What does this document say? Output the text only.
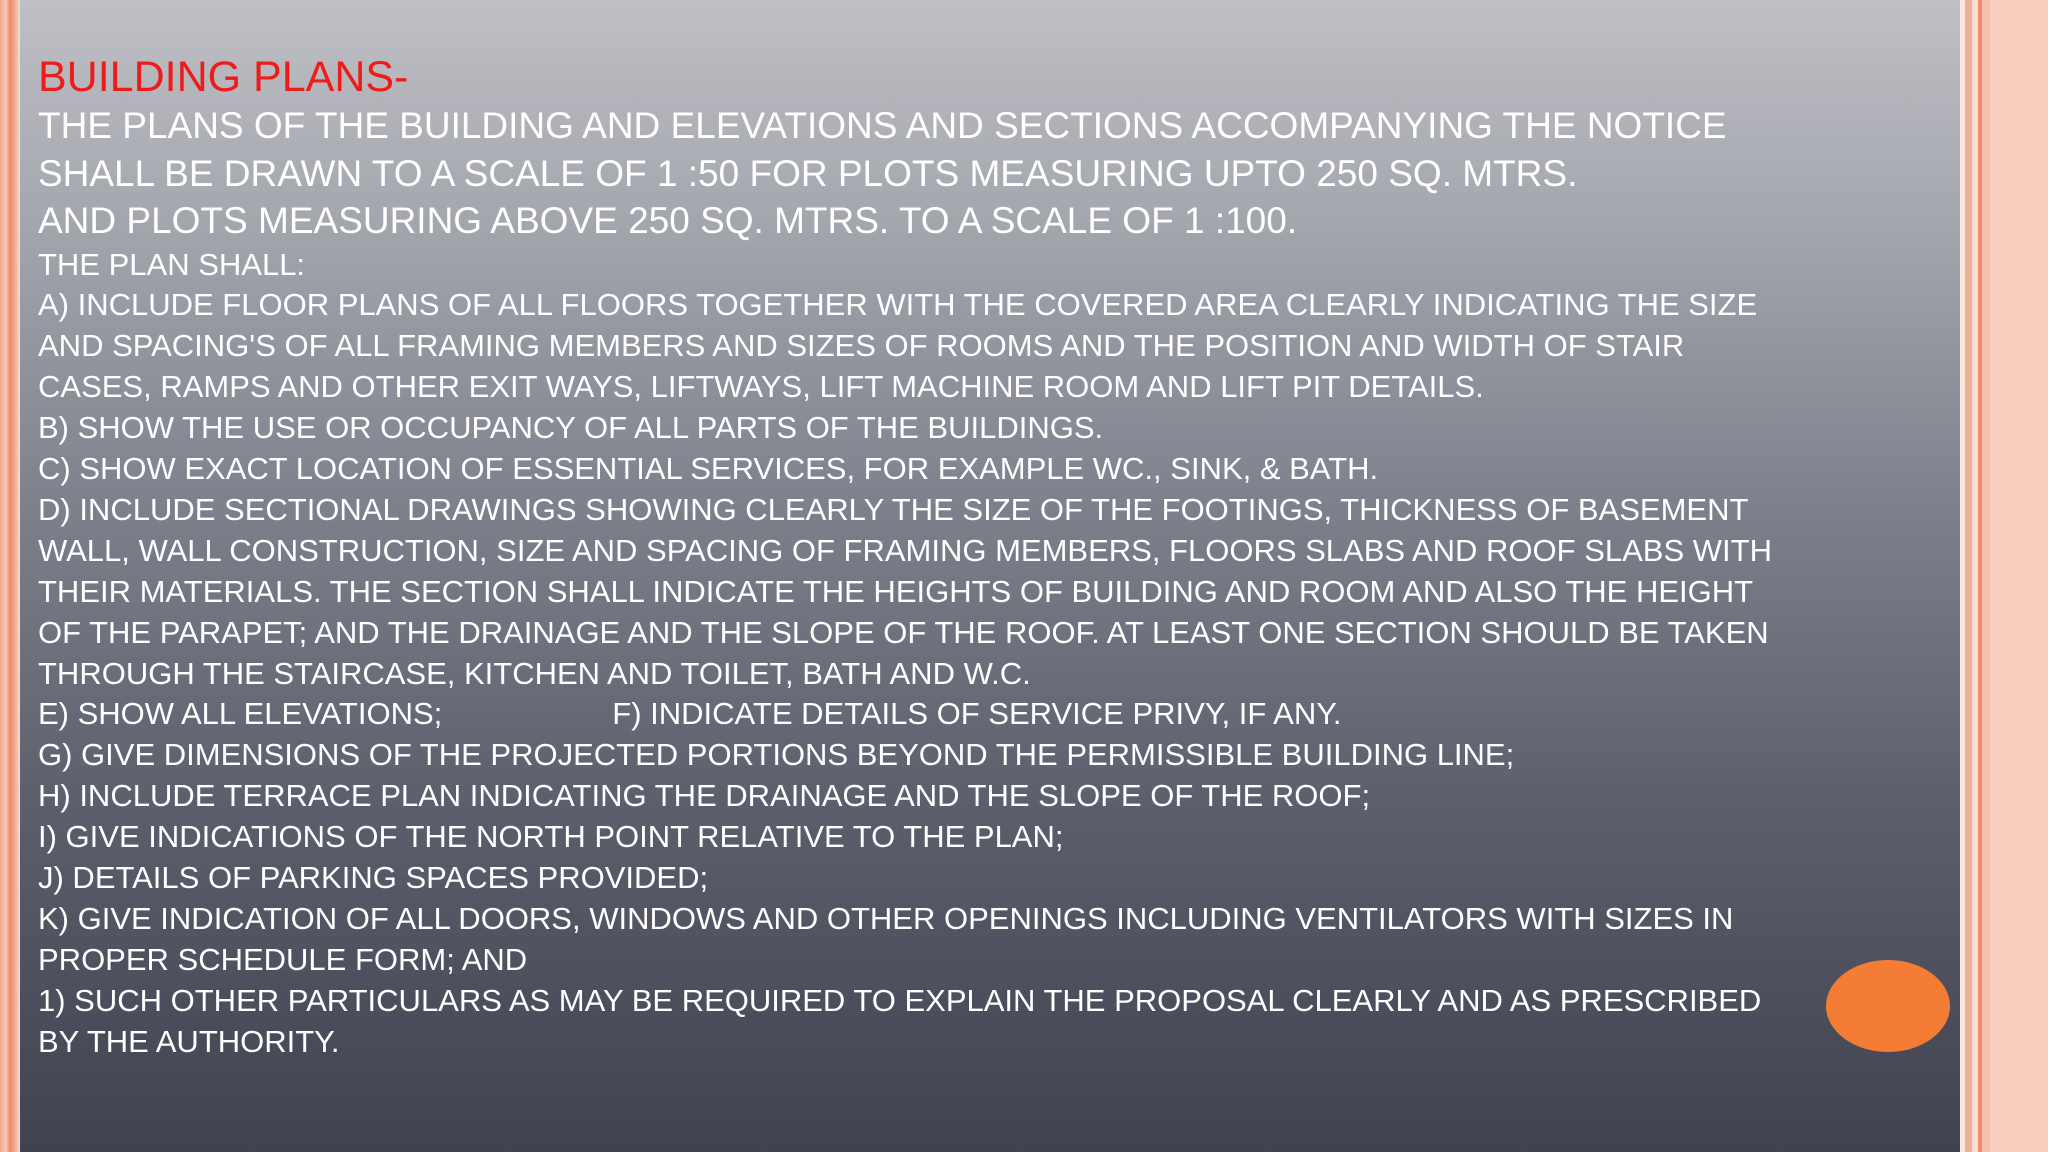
BUILDING PLANS-
THE PLANS OF THE BUILDING AND ELEVATIONS AND SECTIONS ACCOMPANYING THE NOTICE
SHALL BE DRAWN TO A SCALE OF 1 :50 FOR PLOTS MEASURING UPTO 250 SQ. MTRS.
AND PLOTS MEASURING ABOVE 250 SQ. MTRS. TO A SCALE OF 1 :100.
THE PLAN SHALL:
A) INCLUDE FLOOR PLANS OF ALL FLOORS TOGETHER WITH THE COVERED AREA CLEARLY INDICATING THE SIZE
AND SPACING'S OF ALL FRAMING MEMBERS AND SIZES OF ROOMS AND THE POSITION AND WIDTH OF STAIR
CASES, RAMPS AND OTHER EXIT WAYS, LIFTWAYS, LIFT MACHINE ROOM AND LIFT PIT DETAILS.
B) SHOW THE USE OR OCCUPANCY OF ALL PARTS OF THE BUILDINGS.
C) SHOW EXACT LOCATION OF ESSENTIAL SERVICES, FOR EXAMPLE WC., SINK, & BATH.
D) INCLUDE SECTIONAL DRAWINGS SHOWING CLEARLY THE SIZE OF THE FOOTINGS, THICKNESS OF BASEMENT
WALL, WALL CONSTRUCTION, SIZE AND SPACING OF FRAMING MEMBERS, FLOORS SLABS AND ROOF SLABS WITH
THEIR MATERIALS. THE SECTION SHALL INDICATE THE HEIGHTS OF BUILDING AND ROOM AND ALSO THE HEIGHT
OF THE PARAPET; AND THE DRAINAGE AND THE SLOPE OF THE ROOF. AT LEAST ONE SECTION SHOULD BE TAKEN
THROUGH THE STAIRCASE, KITCHEN AND TOILET, BATH AND W.C.
E) SHOW ALL ELEVATIONS;	F) INDICATE DETAILS OF SERVICE PRIVY, IF ANY.
G) GIVE DIMENSIONS OF THE PROJECTED PORTIONS BEYOND THE PERMISSIBLE BUILDING LINE;
H) INCLUDE TERRACE PLAN INDICATING THE DRAINAGE AND THE SLOPE OF THE ROOF;
I) GIVE INDICATIONS OF THE NORTH POINT RELATIVE TO THE PLAN;
J) DETAILS OF PARKING SPACES PROVIDED;
K) GIVE INDICATION OF ALL DOORS, WINDOWS AND OTHER OPENINGS INCLUDING VENTILATORS WITH SIZES IN
PROPER SCHEDULE FORM; AND
1) SUCH OTHER PARTICULARS AS MAY BE REQUIRED TO EXPLAIN THE PROPOSAL CLEARLY AND AS PRESCRIBED
BY THE AUTHORITY.
